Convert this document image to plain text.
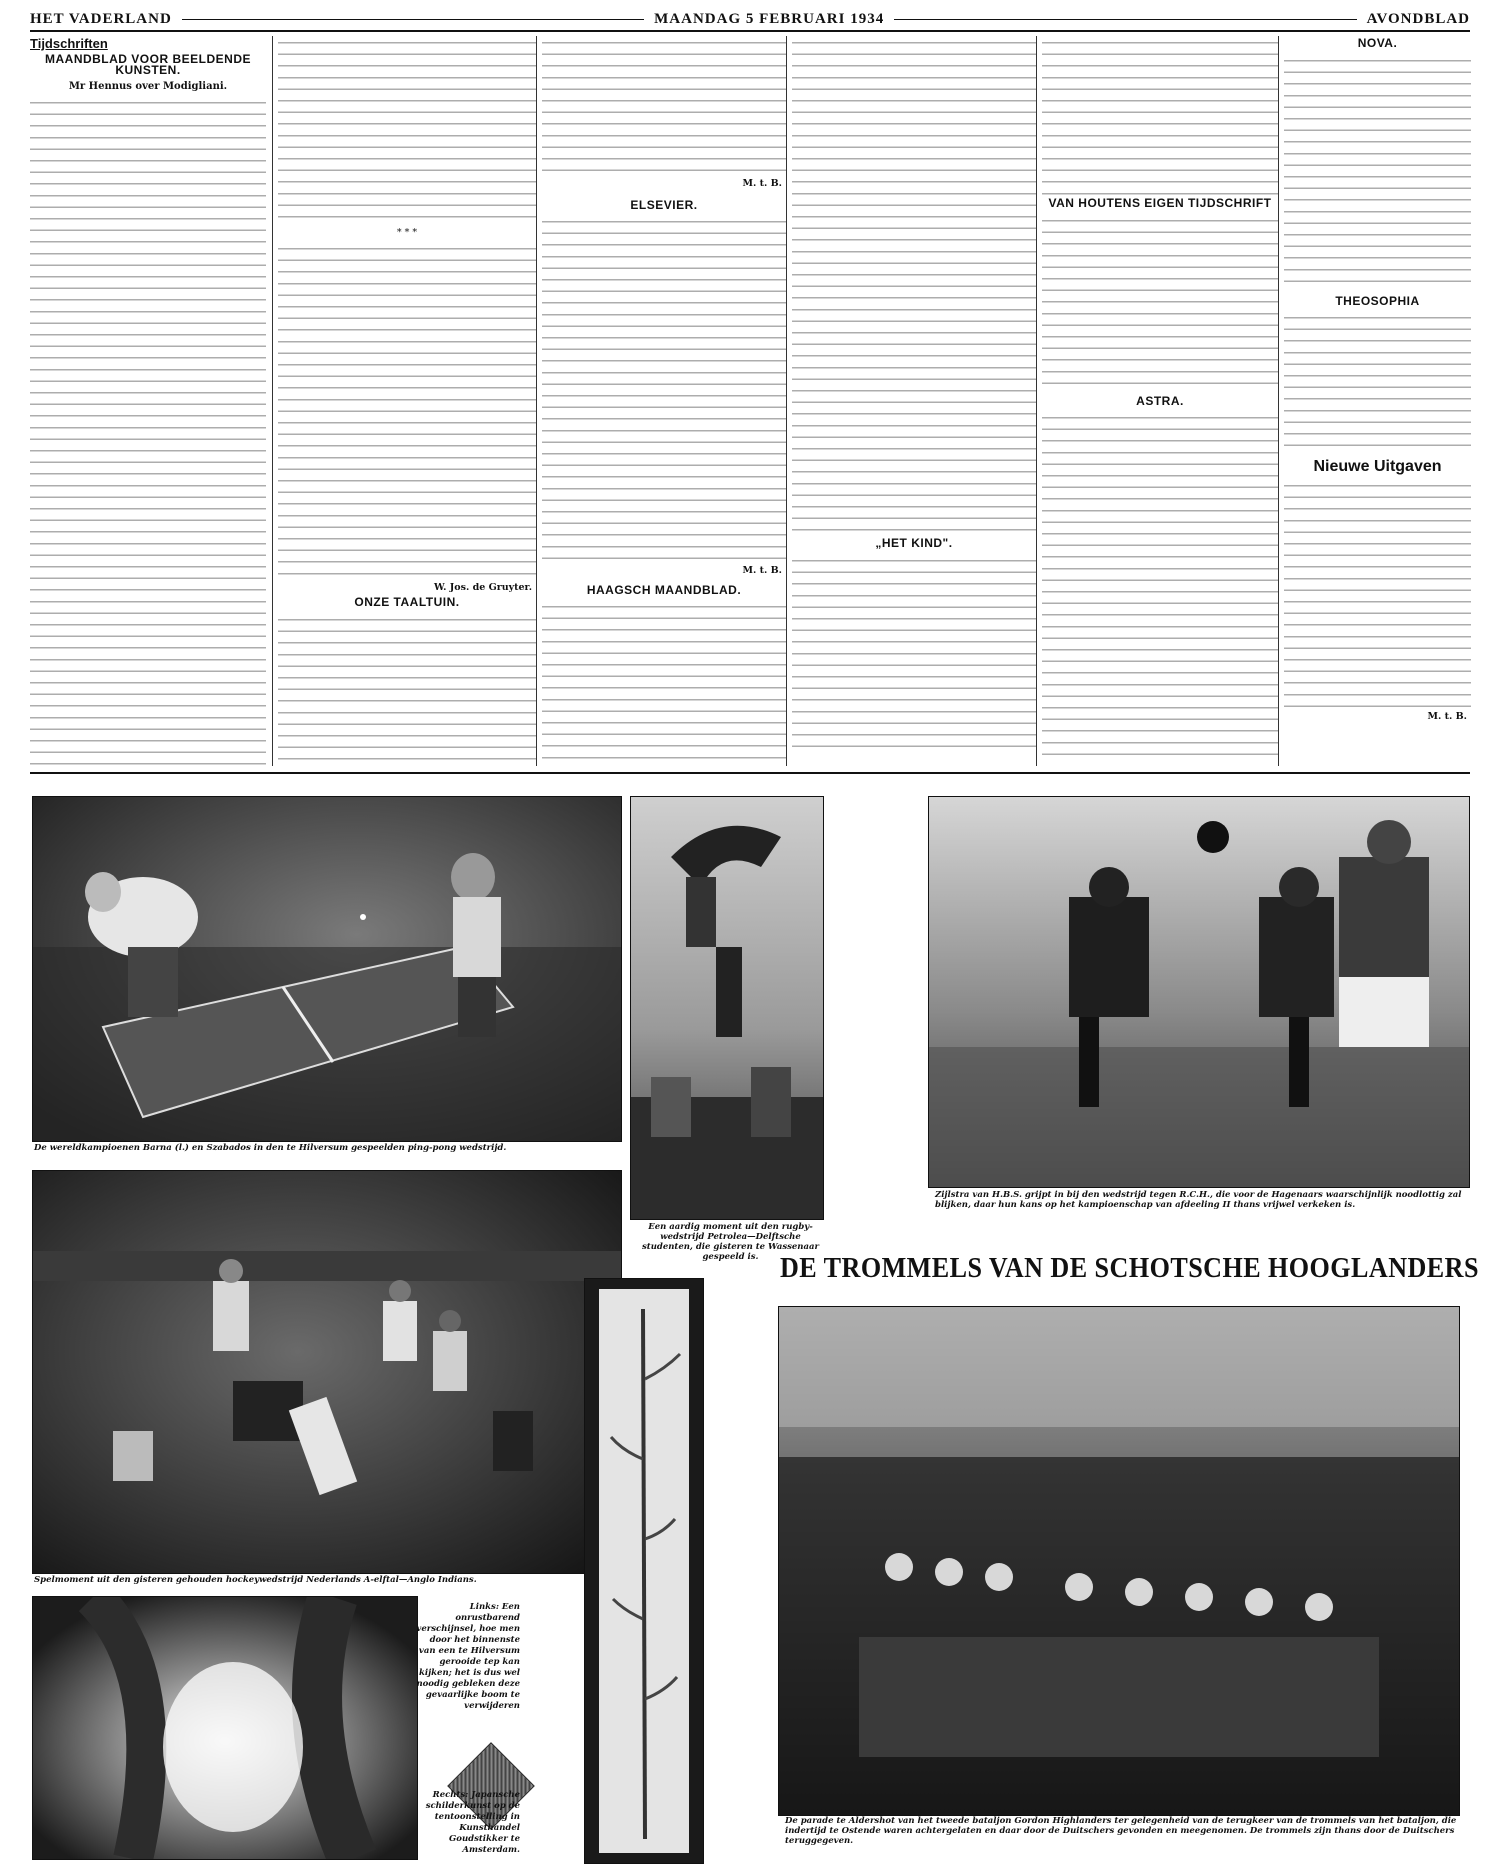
HET VADERLAND	MAANDAG 5 FEBRUARI 1934	AVONDBLAD
Tijdschriften
MAANDBLAD VOOR BEELDENDE KUNSTEN.
Mr Hennus over Modigliani.
* * *
W. Jos. de Gruyter.
ONZE TAALTUIN.
M. t. B.
ELSEVIER.
M. t. B.
HAAGSCH MAANDBLAD.
„HET KIND".
VAN HOUTENS EIGEN TIJDSCHRIFT
ASTRA.
NOVA.
THEOSOPHIA
Nieuwe Uitgaven
M. t. B.
De wereldkampioenen Barna (l.) en Szabados in den te Hilversum gespeelden ping-pong wedstrijd.
Een aardig moment uit den rugby-wedstrijd Petrolea—Delftsche studenten, die gisteren te Wassenaar gespeeld is.
Zijlstra van H.B.S. grijpt in bij den wedstrijd tegen R.C.H., die voor de Hagenaars waarschijnlijk noodlottig zal blijken, daar hun kans op het kampioenschap van afdeeling II thans vrijwel verkeken is.
Spelmoment uit den gisteren gehouden hockeywedstrijd Nederlands A-elftal—Anglo Indians.
Links: Een onrustbarend verschijnsel, hoe men door het binnenste van een te Hilversum gerooide tep kan kijken; het is dus wel noodig gebleken deze gevaarlijke boom te verwijderen
Rechts: Japansche schilderkunst op de tentoonstelling in Kunsthandel Goudstikker te Amsterdam.
DE TROMMELS VAN DE SCHOTSCHE HOOGLANDERS
De parade te Aldershot van het tweede bataljon Gordon Highlanders ter gelegenheid van de terugkeer van de trommels van het bataljon, die indertijd te Ostende waren achtergelaten en daar door de Duitschers gevonden en meegenomen. De trommels zijn thans door de Duitschers teruggegeven.
